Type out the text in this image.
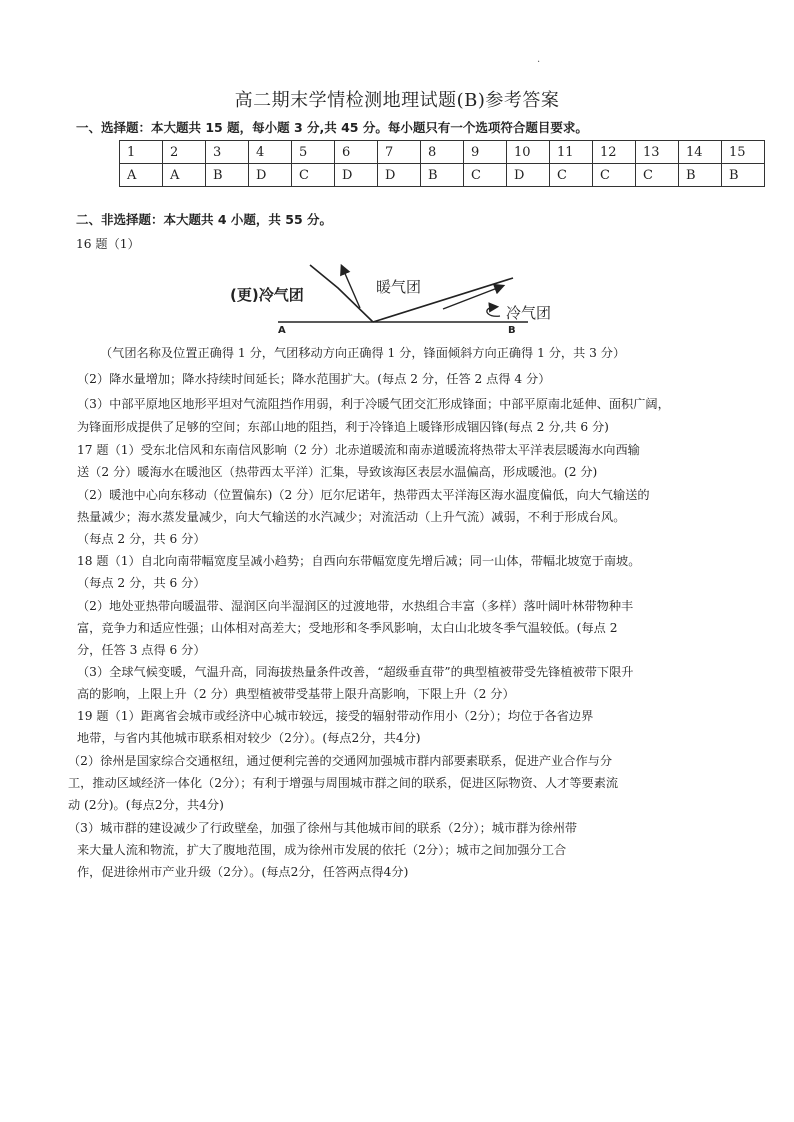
.
高二期末学情检测地理试题(B)参考答案
一、选择题：本大题共 15 题，每小题 3 分,共 45 分。每小题只有一个选项符合题目要求。
1	2	3	4	5	6	7	8	9	10	11	12	13	14	15
A	A	B	D	C	D	D	B	C	D	C	C	C	B	B
二、非选择题：本大题共 4 小题，共 55 分。
16 题（1）
(更)冷气团	暖气团
冷气团
A	B
（气团名称及位置正确得 1 分，气团移动方向正确得 1 分，锋面倾斜方向正确得 1 分，共 3 分）
（2）降水量增加；降水持续时间延长；降水范围扩大。(每点 2 分，任答 2 点得 4 分）
（3）中部平原地区地形平坦对气流阻挡作用弱，利于冷暖气团交汇形成锋面；中部平原南北延伸、面积广阔，
为锋面形成提供了足够的空间；东部山地的阻挡，利于冷锋追上暖锋形成锢囚锋(每点 2 分,共 6 分)
17 题（1）受东北信风和东南信风影响（2 分）北赤道暖流和南赤道暖流将热带太平洋表层暖海水向西输
送（2 分）暖海水在暖池区（热带西太平洋）汇集，导致该海区表层水温偏高，形成暖池。(2 分)
（2）暖池中心向东移动（位置偏东)（2 分）厄尔尼诺年，热带西太平洋海区海水温度偏低，向大气输送的
热量减少；海水蒸发量减少，向大气输送的水汽减少；对流活动（上升气流）减弱，不利于形成台风。
（每点 2 分，共 6 分）
18 题（1）自北向南带幅宽度呈减小趋势；自西向东带幅宽度先增后减；同一山体，带幅北坡宽于南坡。
（每点 2 分，共 6 分）
（2）地处亚热带向暖温带、湿润区向半湿润区的过渡地带，水热组合丰富（多样）落叶阔叶林带物种丰
富，竞争力和适应性强；山体相对高差大；受地形和冬季风影响，太白山北坡冬季气温较低。(每点 2
分，任答 3 点得 6 分）
（3）全球气候变暖，气温升高，同海拔热量条件改善，“超级垂直带”的典型植被带受先锋植被带下限升
高的影响，上限上升（2 分）典型植被带受基带上限升高影响，下限上升（2 分）
19 题（1）距离省会城市或经济中心城市较远，接受的辐射带动作用小（2分）；均位于各省边界
地带，与省内其他城市联系相对较少（2分）。(每点2分，共4分)
（2）徐州是国家综合交通枢纽，通过便利完善的交通网加强城市群内部要素联系，促进产业合作与分
工，推动区域经济一体化（2分）；有利于增强与周围城市群之间的联系，促进区际物资、人才等要素流
动 (2分)。(每点2分，共4分)
（3）城市群的建设减少了行政壁垒，加强了徐州与其他城市间的联系（2分）；城市群为徐州带
来大量人流和物流，扩大了腹地范围，成为徐州市发展的依托（2分）；城市之间加强分工合
作，促进徐州市产业升级（2分）。(每点2分，任答两点得4分)
